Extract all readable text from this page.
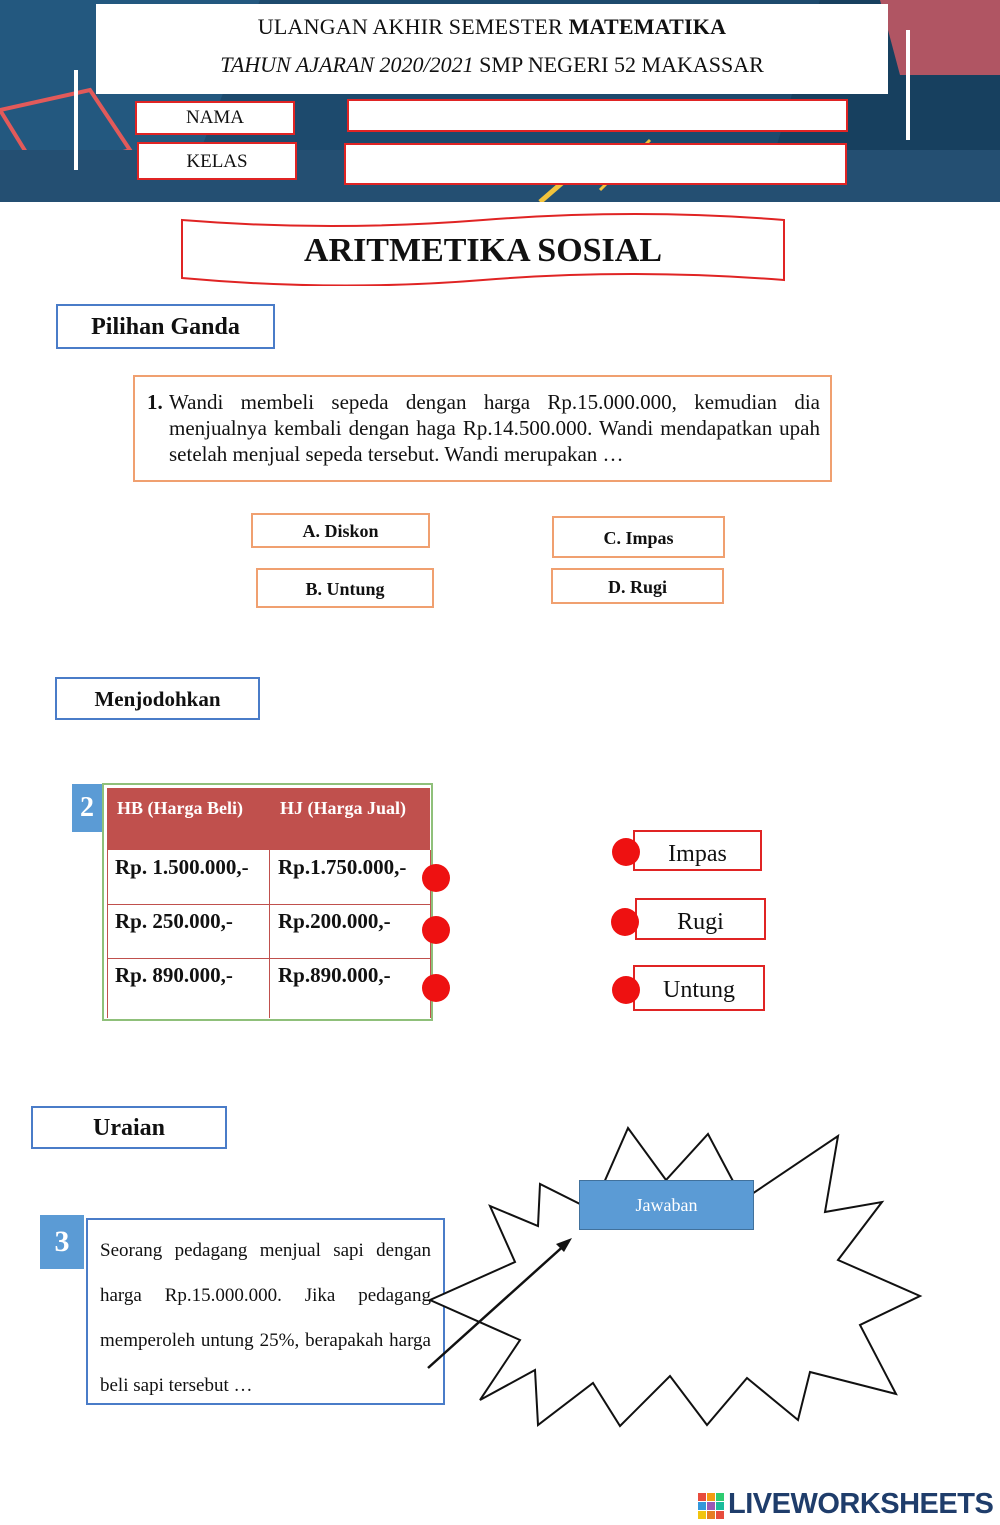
ULANGAN AKHIR SEMESTER MATEMATIKA
TAHUN AJARAN 2020/2021 SMP NEGERI 52 MAKASSAR
NAMA
KELAS
ARITMETIKA SOSIAL
Pilihan Ganda
1. Wandi membeli sepeda dengan harga Rp.15.000.000, kemudian dia menjualnya kembali dengan haga Rp.14.500.000. Wandi mendapatkan upah setelah menjual sepeda tersebut. Wandi merupakan …
A. Diskon
B. Untung
C. Impas
D. Rugi
Menjodohkan
2	HB (Harga Beli) HJ (Harga Jual)
Rp. 1.500.000,- Rp.1.750.000,-
Rp. 250.000,- Rp.200.000,-
Rp. 890.000,- Rp.890.000,-
Impas
Rugi
Untung
Uraian
3	Seorang pedagang menjual sapi dengan harga Rp.15.000.000. Jika pedagang memperoleh untung 25%, berapakah harga beli sapi tersebut …
Jawaban
LIVEWORKSHEETS
